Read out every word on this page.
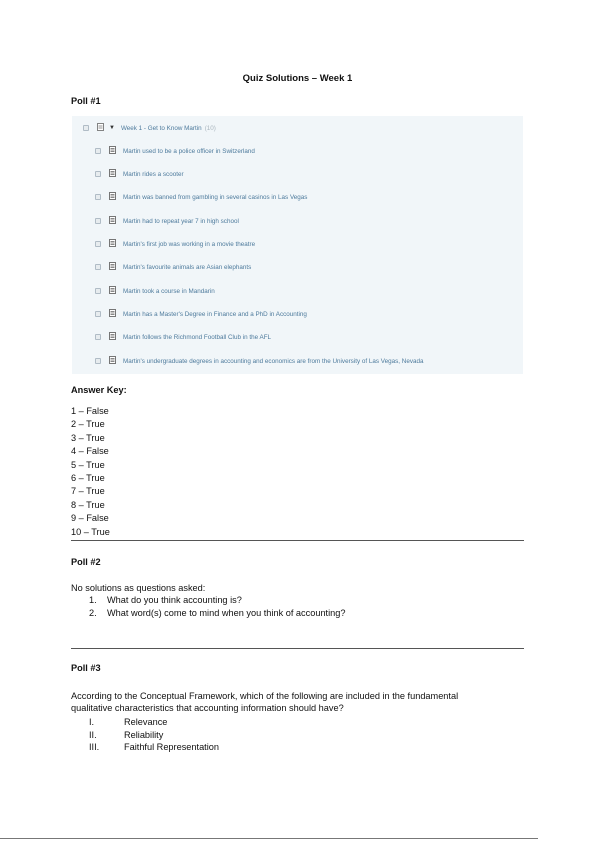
Quiz Solutions – Week 1
Poll #1
▼ Week 1 - Get to Know Martin (10)
Martin used to be a police officer in Switzerland
Martin rides a scooter
Martin was banned from gambling in several casinos in Las Vegas
Martin had to repeat year 7 in high school
Martin's first job was working in a movie theatre
Martin's favourite animals are Asian elephants
Martin took a course in Mandarin
Martin has a Master's Degree in Finance and a PhD in Accounting
Martin follows the Richmond Football Club in the AFL
Martin's undergraduate degrees in accounting and economics are from the University of Las Vegas, Nevada
Answer Key:
1 – False
2 – True
3 – True
4 – False
5 – True
6 – True
7 – True
8 – True
9 – False
10 – True
Poll #2
No solutions as questions asked:
1.	What do you think accounting is?
2.	What word(s) come to mind when you think of accounting?
Poll #3
According to the Conceptual Framework, which of the following are included in the fundamental
qualitative characteristics that accounting information should have?
I.	Relevance
II.	Reliability
III.	Faithful Representation
